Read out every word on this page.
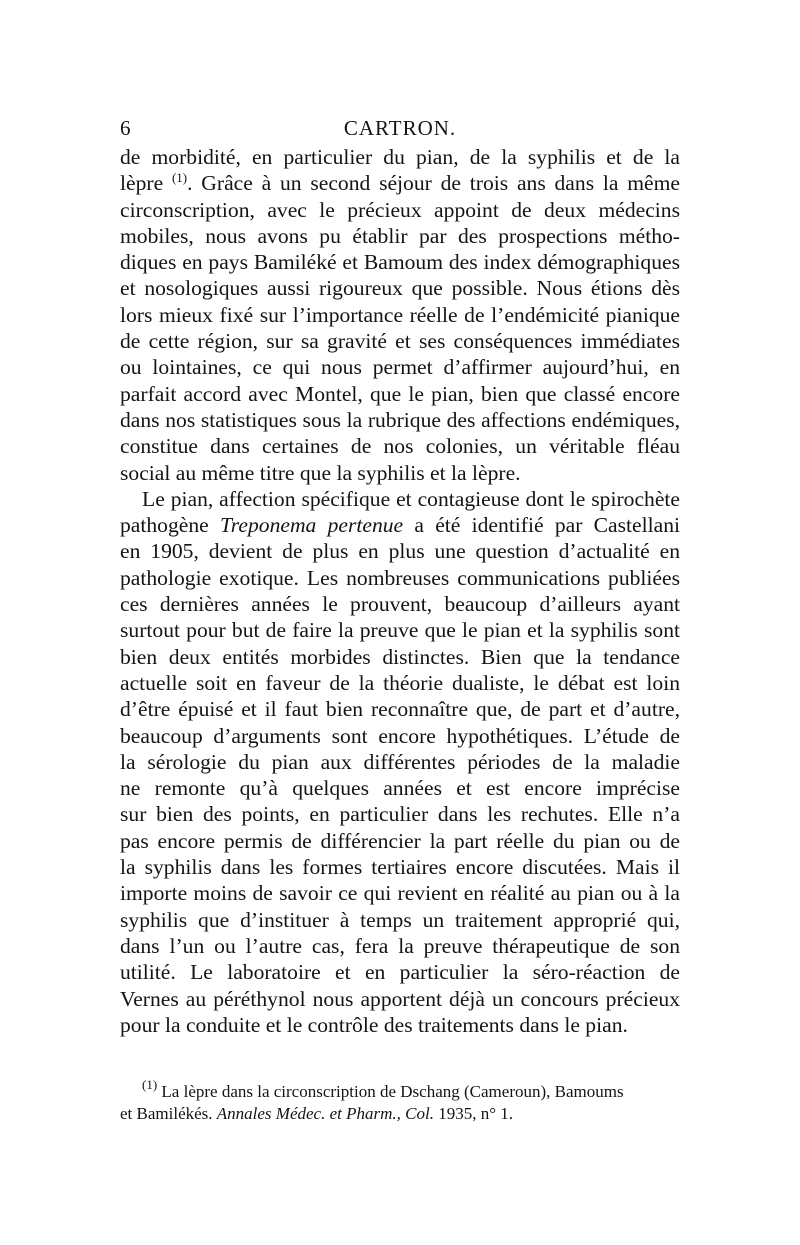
6	CARTRON.
de morbidité, en particulier du pian, de la syphilis et de la
lèpre $^{(1)}$. Grâce à un second séjour de trois ans dans la même
circonscription, avec le précieux appoint de deux médecins
mobiles, nous avons pu établir par des prospections métho-
diques en pays Bamiléké et Bamoum des index démographiques
et nosologiques aussi rigoureux que possible. Nous étions dès
lors mieux fixé sur l’importance réelle de l’endémicité pianique
de cette région, sur sa gravité et ses conséquences immédiates
ou lointaines, ce qui nous permet d’affirmer aujourd’hui, en
parfait accord avec Montel, que le pian, bien que classé encore
dans nos statistiques sous la rubrique des affections endémiques,
constitue dans certaines de nos colonies, un véritable fléau
social au même titre que la syphilis et la lèpre.
Le pian, affection spécifique et contagieuse dont le spirochète
pathogène Treponema pertenue a été identifié par Castellani
en 1905, devient de plus en plus une question d’actualité en
pathologie exotique. Les nombreuses communications publiées
ces dernières années le prouvent, beaucoup d’ailleurs ayant
surtout pour but de faire la preuve que le pian et la syphilis sont
bien deux entités morbides distinctes. Bien que la tendance
actuelle soit en faveur de la théorie dualiste, le débat est loin
d’être épuisé et il faut bien reconnaître que, de part et d’autre,
beaucoup d’arguments sont encore hypothétiques. L’étude de
la sérologie du pian aux différentes périodes de la maladie
ne remonte qu’à quelques années et est encore imprécise
sur bien des points, en particulier dans les rechutes. Elle n’a
pas encore permis de différencier la part réelle du pian ou de
la syphilis dans les formes tertiaires encore discutées. Mais il
importe moins de savoir ce qui revient en réalité au pian ou à la
syphilis que d’instituer à temps un traitement approprié qui,
dans l’un ou l’autre cas, fera la preuve thérapeutique de son
utilité. Le laboratoire et en particulier la séro-réaction de
Vernes au péréthynol nous apportent déjà un concours précieux
pour la conduite et le contrôle des traitements dans le pian.
$^{(1)}$ La lèpre dans la circonscription de Dschang (Cameroun), Bamoums
et Bamilékés. Annales Médec. et Pharm., Col. 1935, n° 1.
